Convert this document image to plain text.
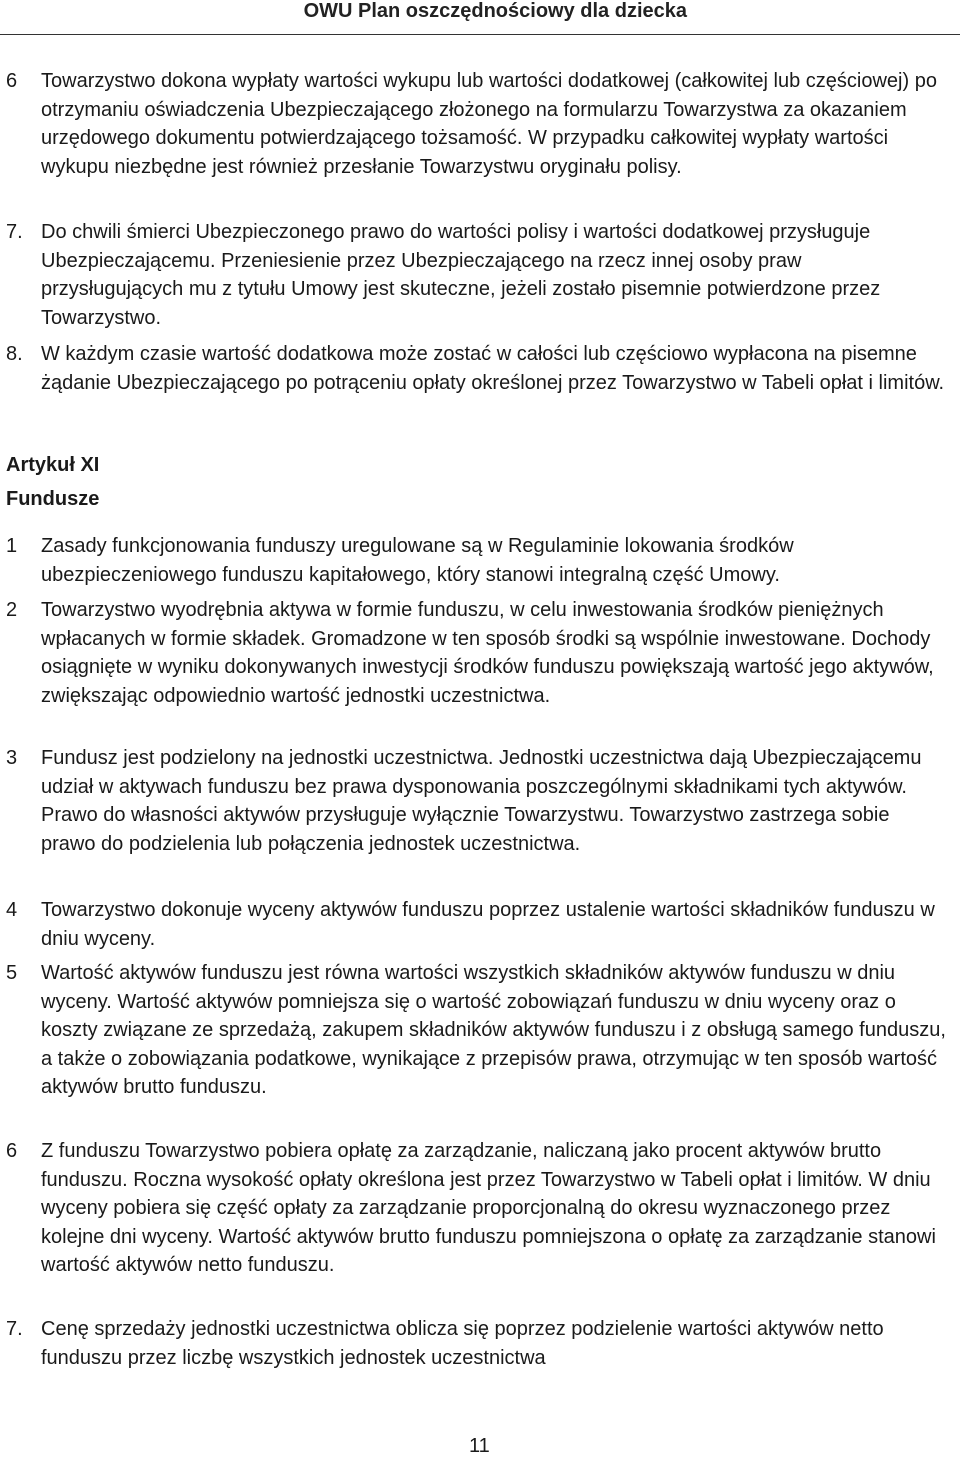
OWU Plan oszczędnościowy dla dziecka
6 Towarzystwo dokona wypłaty wartości wykupu lub wartości dodatkowej (całkowitej lub częściowej) po otrzymaniu oświadczenia Ubezpieczającego złożonego na formularzu Towarzystwa za okazaniem urzędowego dokumentu potwierdzającego tożsamość. W przypadku całkowitej wypłaty wartości wykupu niezbędne jest również przesłanie Towarzystwu oryginału polisy.
7. Do chwili śmierci Ubezpieczonego prawo do wartości polisy i wartości dodatkowej przysługuje Ubezpieczającemu. Przeniesienie przez Ubezpieczającego na rzecz innej osoby praw przysługujących mu z tytułu Umowy jest skuteczne, jeżeli zostało pisemnie potwierdzone przez Towarzystwo.
8. W każdym czasie wartość dodatkowa może zostać w całości lub częściowo wypłacona na pisemne żądanie Ubezpieczającego po potrąceniu opłaty określonej przez Towarzystwo w Tabeli opłat i limitów.
Artykuł XI
Fundusze
1 Zasady funkcjonowania funduszy uregulowane są w Regulaminie lokowania środków ubezpieczeniowego funduszu kapitałowego, który stanowi integralną część Umowy.
2 Towarzystwo wyodrębnia aktywa w formie funduszu, w celu inwestowania środków pieniężnych wpłacanych w formie składek. Gromadzone w ten sposób środki są wspólnie inwestowane. Dochody osiągnięte w wyniku dokonywanych inwestycji środków funduszu powiększają wartość jego aktywów, zwiększając odpowiednio wartość jednostki uczestnictwa.
3 Fundusz jest podzielony na jednostki uczestnictwa. Jednostki uczestnictwa dają Ubezpieczającemu udział w aktywach funduszu bez prawa dysponowania poszczególnymi składnikami tych aktywów. Prawo do własności aktywów przysługuje wyłącznie Towarzystwu. Towarzystwo zastrzega sobie prawo do podzielenia lub połączenia jednostek uczestnictwa.
4 Towarzystwo dokonuje wyceny aktywów funduszu poprzez ustalenie wartości składników funduszu w dniu wyceny.
5 Wartość aktywów funduszu jest równa wartości wszystkich składników aktywów funduszu w dniu wyceny. Wartość aktywów pomniejsza się o wartość zobowiązań funduszu w dniu wyceny oraz o koszty związane ze sprzedażą, zakupem składników aktywów funduszu i z obsługą samego funduszu, a także o zobowiązania podatkowe, wynikające z przepisów prawa, otrzymując w ten sposób wartość aktywów brutto funduszu.
6 Z funduszu Towarzystwo pobiera opłatę za zarządzanie, naliczaną jako procent aktywów brutto funduszu. Roczna wysokość opłaty określona jest przez Towarzystwo w Tabeli opłat i limitów. W dniu wyceny pobiera się część opłaty za zarządzanie proporcjonalną do okresu wyznaczonego przez kolejne dni wyceny. Wartość aktywów brutto funduszu pomniejszona o opłatę za zarządzanie stanowi wartość aktywów netto funduszu.
7. Cenę sprzedaży jednostki uczestnictwa oblicza się poprzez podzielenie wartości aktywów netto funduszu przez liczbę wszystkich jednostek uczestnictwa
11
